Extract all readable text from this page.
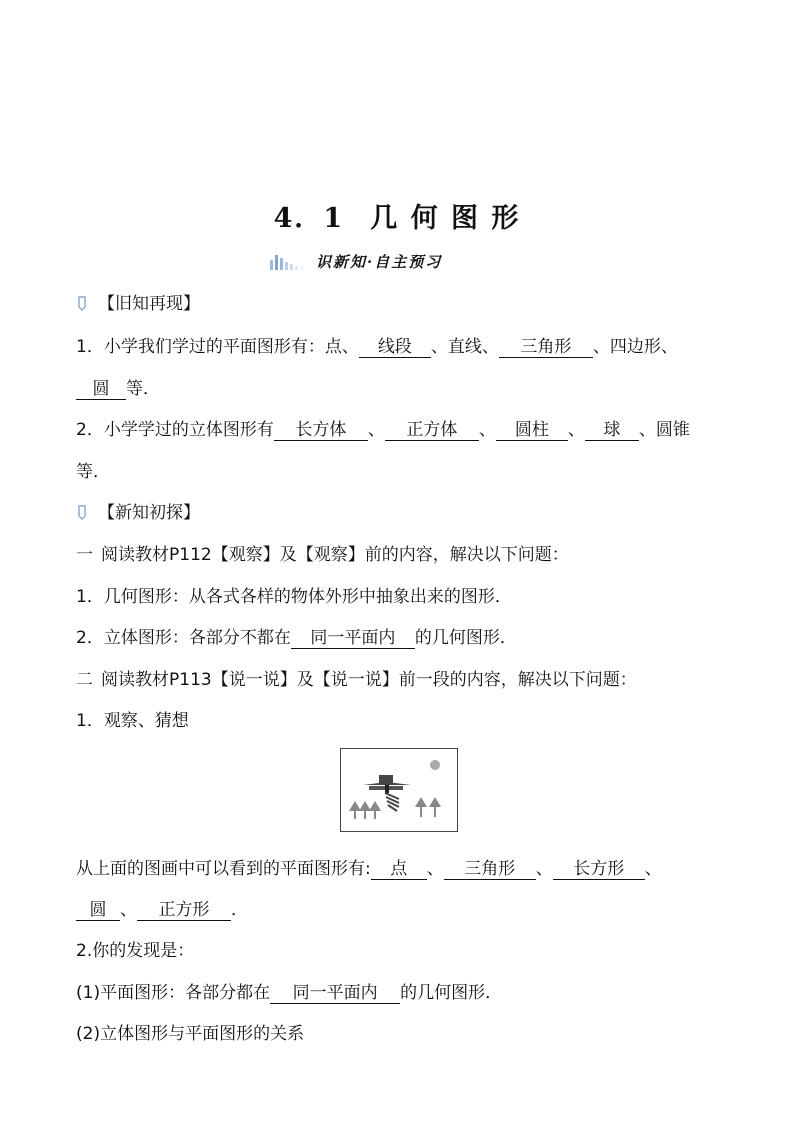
4．1 几 何 图 形
识新知·自主预习
【旧知再现】
1．小学我们学过的平面图形有：点、 线段 、直线、 三角形 、四边形、
圆 等．
2．小学学过的立体图形有 长方体 、 正方体 、 圆柱 、 球 、圆锥
等．
【新知初探】
一 阅读教材P112【观察】及【观察】前的内容，解决以下问题：
1．几何图形：从各式各样的物体外形中抽象出来的图形．
2．立体图形：各部分不都在 同一平面内 的几何图形．
二 阅读教材P113【说一说】及【说一说】前一段的内容，解决以下问题：
1．观察、猜想
从上面的图画中可以看到的平面图形有: 点 、 三角形 、 长方形 、
圆 、 正方形 ．
2.你的发现是：
(1)平面图形：各部分都在 同一平面内 的几何图形．
(2)立体图形与平面图形的关系
